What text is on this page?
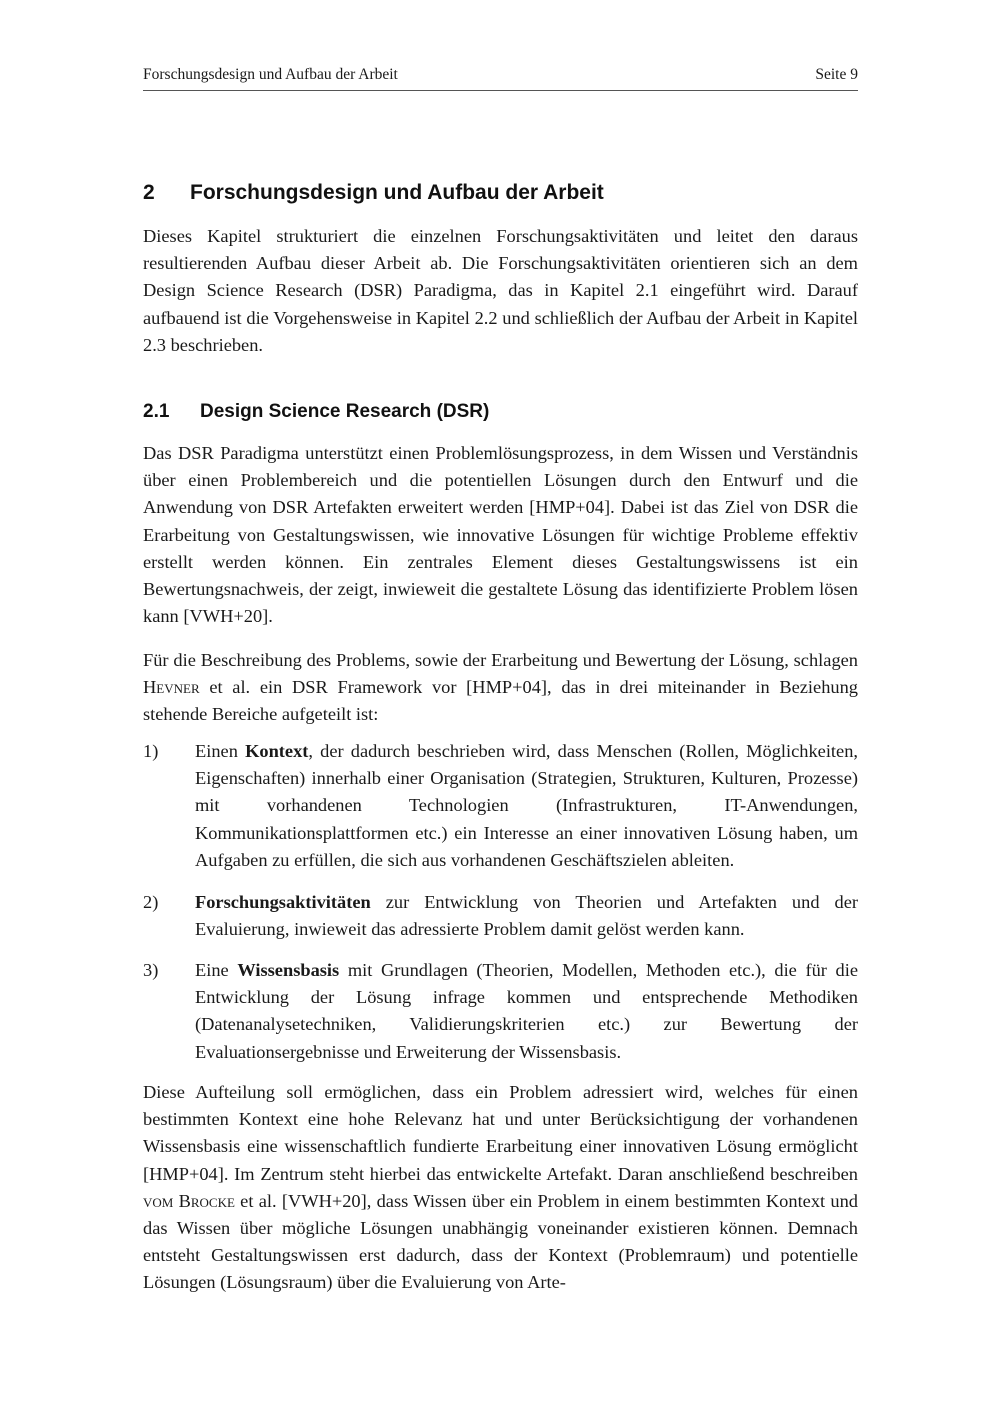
Forschungsdesign und Aufbau der Arbeit	Seite 9
2 Forschungsdesign und Aufbau der Arbeit
Dieses Kapitel strukturiert die einzelnen Forschungsaktivitäten und leitet den daraus resultierenden Aufbau dieser Arbeit ab. Die Forschungsaktivitäten orientieren sich an dem Design Science Research (DSR) Paradigma, das in Kapitel 2.1 eingeführt wird. Darauf aufbauend ist die Vorgehensweise in Kapitel 2.2 und schließlich der Aufbau der Arbeit in Kapitel 2.3 beschrieben.
2.1 Design Science Research (DSR)
Das DSR Paradigma unterstützt einen Problemlösungsprozess, in dem Wissen und Verständnis über einen Problembereich und die potentiellen Lösungen durch den Entwurf und die Anwendung von DSR Artefakten erweitert werden [HMP+04]. Dabei ist das Ziel von DSR die Erarbeitung von Gestaltungswissen, wie innovative Lösungen für wichtige Probleme effektiv erstellt werden können. Ein zentrales Element dieses Gestaltungswissens ist ein Bewertungsnachweis, der zeigt, inwieweit die gestaltete Lösung das identifizierte Problem lösen kann [VWH+20].
Für die Beschreibung des Problems, sowie der Erarbeitung und Bewertung der Lösung, schlagen Hevner et al. ein DSR Framework vor [HMP+04], das in drei miteinander in Beziehung stehende Bereiche aufgeteilt ist:
1) Einen Kontext, der dadurch beschrieben wird, dass Menschen (Rollen, Möglichkeiten, Eigenschaften) innerhalb einer Organisation (Strategien, Strukturen, Kulturen, Prozesse) mit vorhandenen Technologien (Infrastrukturen, IT-Anwendungen, Kommunikationsplattformen etc.) ein Interesse an einer innovativen Lösung haben, um Aufgaben zu erfüllen, die sich aus vorhandenen Geschäftszielen ableiten.
2) Forschungsaktivitäten zur Entwicklung von Theorien und Artefakten und der Evaluierung, inwieweit das adressierte Problem damit gelöst werden kann.
3) Eine Wissensbasis mit Grundlagen (Theorien, Modellen, Methoden etc.), die für die Entwicklung der Lösung infrage kommen und entsprechende Methodiken (Datenanalysetechniken, Validierungskriterien etc.) zur Bewertung der Evaluationsergebnisse und Erweiterung der Wissensbasis.
Diese Aufteilung soll ermöglichen, dass ein Problem adressiert wird, welches für einen bestimmten Kontext eine hohe Relevanz hat und unter Berücksichtigung der vorhandenen Wissensbasis eine wissenschaftlich fundierte Erarbeitung einer innovativen Lösung ermöglicht [HMP+04]. Im Zentrum steht hierbei das entwickelte Artefakt. Daran anschließend beschreiben vom Brocke et al. [VWH+20], dass Wissen über ein Problem in einem bestimmten Kontext und das Wissen über mögliche Lösungen unabhängig voneinander existieren können. Demnach entsteht Gestaltungswissen erst dadurch, dass der Kontext (Problemraum) und potentielle Lösungen (Lösungsraum) über die Evaluierung von Arte-
